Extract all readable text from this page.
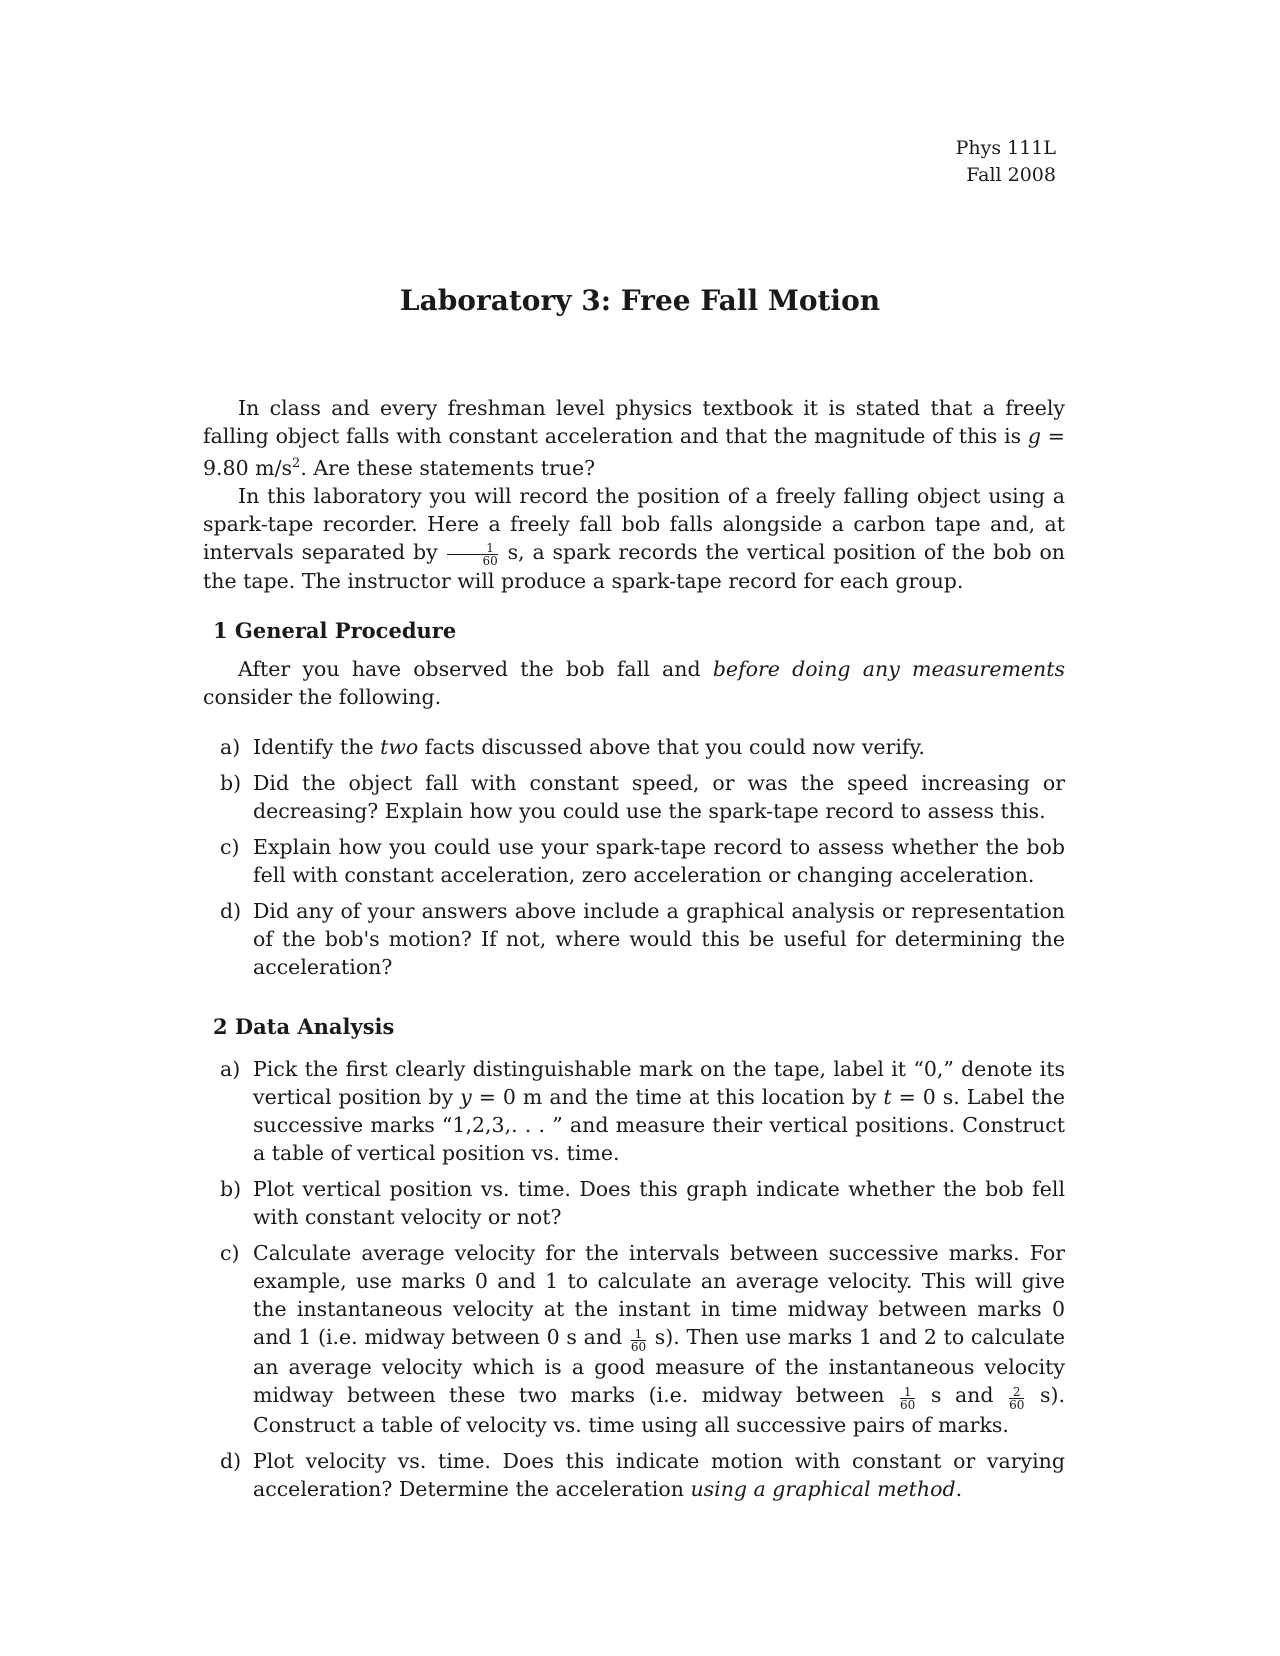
Phys 111L
Fall 2008
Laboratory 3: Free Fall Motion

In class and every freshman level physics textbook it is stated that a freely falling object falls with constant acceleration and that the magnitude of this is g = 9.80 $m/s^2$. Are these statements true?

In this laboratory you will record the position of a freely falling object using a spark-tape recorder. Here a freely fall bob falls alongside a carbon tape and, at intervals separated by $\frac{1}{60} s$, a spark records the vertical position of the bob on the tape. The instructor will produce a spark-tape record for each group.

1 General Procedure

After you have observed the bob fall and before doing any measurements consider the following.

a) Identify the two facts discussed above that you could now verify.
b) Did the object fall with constant speed, or was the speed increasing or decreasing? Explain how you could use the spark-tape record to assess this.
c) Explain how you could use your spark-tape record to assess whether the bob fell with constant acceleration, zero acceleration or changing acceleration.
d) Did any of your answers above include a graphical analysis or representation of the bob's motion? If not, where would this be useful for determining the acceleration?
2 Data Analysis
a) Pick the first clearly distinguishable mark on the tape, label it “0,” denote its vertical position by y = 0 m and the time at this location by t = 0 s. Label the successive marks “1,2,3,. . . ” and measure their vertical positions. Construct a table of vertical position vs. time.
b) Plot vertical position vs. time. Does this graph indicate whether the bob fell with constant velocity or not?
c) Calculate average velocity for the intervals between successive marks. For example, use marks 0 and 1 to calculate an average velocity. This will give the instantaneous velocity at the instant in time midway between marks 0 and 1 (i.e. midway between 0 s and $\frac{1}{60} s$). Then use marks 1 and 2 to calculate an average velocity which is a good measure of the instantaneous velocity midway between these two marks (i.e. midway between $\frac{1}{60}$ s and $\frac{2}{60} s$). Construct a table of velocity vs. time using all successive pairs of marks.
d) Plot velocity vs. time. Does this indicate motion with constant or varying acceleration? Determine the acceleration using a graphical method.
